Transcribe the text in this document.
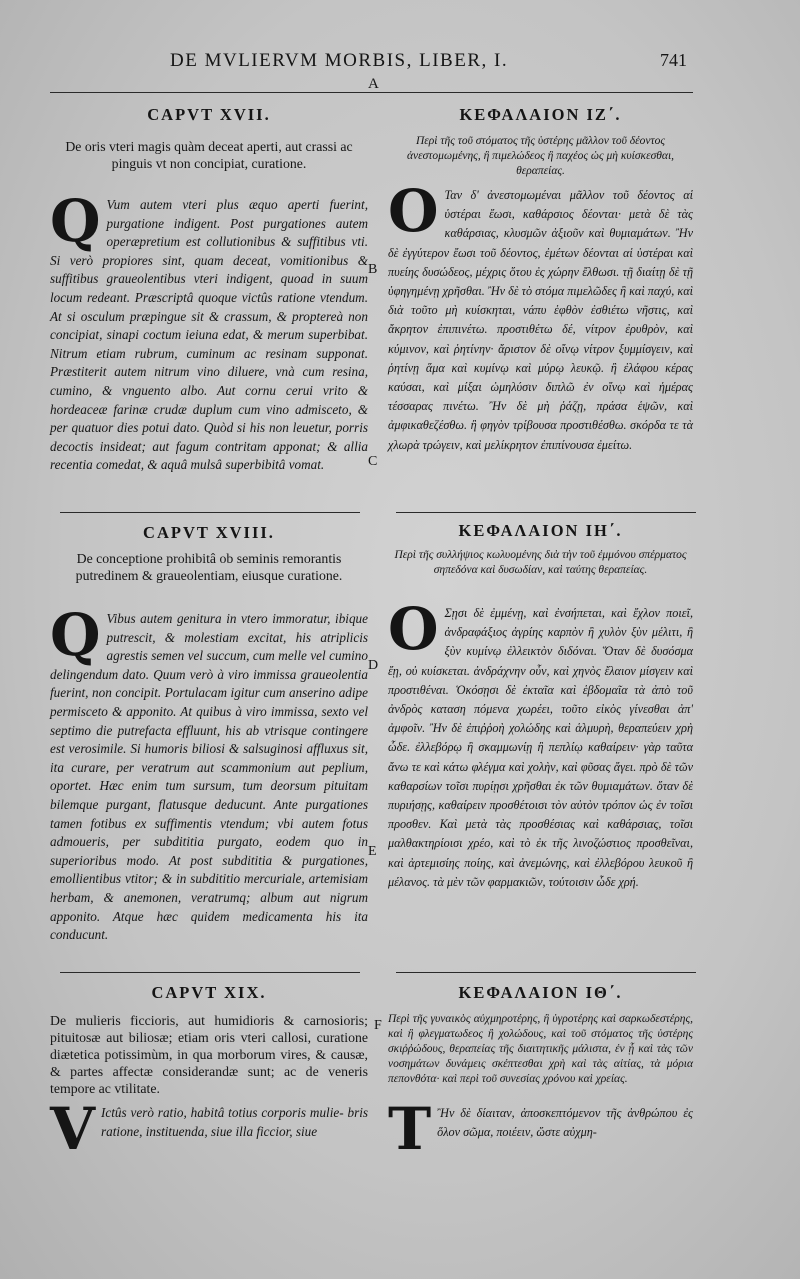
DE MVLIERVM MORBIS, LIBER, I.	741
A
B
C
D
E
F
CAPVT XVII.

De oris vteri magis quàm deceat aperti, aut crassi ac pinguis vt non concipiat, curatione.

Q Vum autem vteri plus æquo aperti fuerint, purgatione indigent. Post purgationes autem operæpretium est collutionibus & suffitibus vti. Si verò propiores sint, quam deceat, vomitionibus & suffitibus graueolentibus vteri indigent, quoad in suum locum redeant. Præscriptâ quoque victûs ratione vtendum. At si osculum præpingue sit & crassum, & proptereà non concipiat, sinapi coctum ieiuna edat, & merum superbibat. Nitrum etiam rubrum, cuminum ac resinam supponat. Præstiterit autem nitrum vino diluere, vnà cum resina, cumino, & vnguento albo. Aut cornu cerui vrito & hordeaceæ farinæ crudæ duplum cum vino admisceto, & per quatuor dies potui dato. Quòd si his non leuetur, porris decoctis insideat; aut fagum contritam apponat; & allia recentia comedat, & aquâ mulsâ superbibitâ vomat.

CAPVT XVIII.

De conceptione prohibitâ ob seminis remorantis putredinem & graueolentiam, eiusque curatione.

Q Vibus autem genitura in vtero immoratur, ibique putrescit, & molestiam excitat, his atriplicis agrestis semen vel succum, cum melle vel cumino delingendum dato. Quum verò à viro immissa graueolentia fuerint, non concipit. Portulacam igitur cum anserino adipe permisceto & apponito. At quibus à viro immissa, sexto vel septimo die putrefacta effluunt, his ab vtrisque contingere est verosimile. Si humoris biliosi & salsuginosi affluxus sit, ita curare, per veratrum aut scammonium aut peplium, oportet. Hæc enim tum sursum, tum deorsum pituitam bilemque purgant, flatusque deducunt. Ante purgationes tamen fotibus ex suffimentis vtendum; vbi autem fotus admoueris, per subdititia purgato, eodem quo in superioribus modo. At post subdititia & purgationes, emollientibus vtitor; & in subdititio mercuriale, artemisiam herbam, & anemonen, veratrumq; album aut nigrum apponito. Atque hæc quidem medicamenta his ita conducunt.

CAPVT XIX.

De mulieris ficcioris, aut humidioris & carnosioris; pituitosæ aut biliosæ; etiam oris vteri callosi, curatione diætetica potissimùm, in qua morborum vires, & causæ, & partes affectæ considerandæ sunt; ac de veneris tempore ac vtilitate.

V Ictûs verò ratio, habitâ totius corporis mulie- bris ratione, instituenda, siue illa ficcior, siue

ΚΕΦΑΛΑΙΟΝ ΙΖ΄.

Περὶ τῆς τοῦ στόματος τῆς ὑστέρης μᾶλλον τοῦ δέοντος ἀνεστομωμένης, ἢ πιμελώδεος ἢ παχέος ὡς μὴ κυίσκεσθαι, θεραπείας.

Ο Ταν δ' ἀνεστομωμέναι μᾶλλον τοῦ δέοντος αἱ ὑστέραι ἔωσι, καθάρσιος δέονται· μετὰ δὲ τὰς καθάρσιας, κλυσμῶν ἀξιοῦν καὶ θυμιαμάτων. Ἢν δὲ ἐγγύτερον ἔωσι τοῦ δέοντος, ἐμέτων δέονται αἱ ὑστέραι καὶ πυείης δυσώδεος, μέχρις ὅτου ἐς χώρην ἔλθωσι. τῇ διαίτῃ δὲ τῇ ὑφηγημένῃ χρῆσθαι. Ἢν δὲ τὸ στόμα πιμελῶδες ἢ καὶ παχύ, καὶ διὰ τοῦτο μὴ κυίσκηται, νάπυ ἑφθὸν ἐσθιέτω νῆστις, καὶ ἄκρητον ἐπιπινέτω. προστιθέτω δέ, νίτρον ἐρυθρὸν, καὶ κύμινον, καὶ ῥητίνην· ἄριστον δὲ οἴνῳ νίτρον ξυμμίσγειν, καὶ ῥητίνῃ ἅμα καὶ κυμίνῳ καὶ μύρῳ λευκῷ. ἢ ἐλάφου κέρας καύσαι, καὶ μίξαι ὠμηλύσιν διπλῶ ἐν οἴνῳ καὶ ἡμέρας τέσσαρας πινέτω. Ἢν δὲ μὴ ῥάζῃ, πράσα ἑψῶν, καὶ ἀμφικαθεζέσθω. ἢ φηγὸν τρίβουσα προστιθέσθω. σκόρδα τε τὰ χλωρὰ τρώγειν, καὶ μελίκρητον ἐπιπίνουσα ἐμείτω.

ΚΕΦΑΛΑΙΟΝ ΙΗ΄.

Περὶ τῆς συλλήψιος κωλυομένης διὰ τὴν τοῦ ἐμμόνου σπέρματος σηπεδόνα καὶ δυσωδίαν, καὶ ταύτης θεραπείας.

Ο Σῃσι δὲ ἐμμένῃ, καὶ ἐνσήπεται, καὶ ἔχλον ποιεῖ, ἀνδραφάξιος ἀγρίης καρπὸν ἢ χυλὸν ξὺν μέλιτι, ἢ ξὺν κυμίνῳ ἐλλεικτὸν διδόναι. Ὅταν δὲ δυσόσμα ἔῃ, οὐ κυίσκεται. ἀνδράχνην οὖν, καὶ χηνὸς ἔλαιον μίσγειν καὶ προστιθέναι. Ὁκόσῃσι δὲ ἐκταῖα καὶ ἑβδομαῖα τὰ ἀπὸ τοῦ ἀνδρὸς καταση πόμενα χωρέει, τοῦτο εἰκὸς γίνεσθαι ἀπ' ἀμφοῖν. Ἢν δὲ ἐπιῤῥοὴ χολώδης καὶ ἁλμυρὴ, θεραπεύειν χρὴ ὧδε. ἐλλεβόρῳ ἢ σκαμμωνίῃ ἢ πεπλίῳ καθαίρειν· γὰρ ταῦτα ἄνω τε καὶ κάτω φλέγμα καὶ χολὴν, καὶ φῦσας ἄγει. πρὸ δὲ τῶν καθαρσίων τοῖσι πυρίῃσι χρῆσθαι ἐκ τῶν θυμιαμάτων. ὅταν δὲ πυριήσῃς, καθαίρειν προσθέτοισι τὸν αὐτὸν τρόπον ὡς ἐν τοῖσι προσθεν. Καὶ μετὰ τὰς προσθέσιας καὶ καθάρσιας, τοῖσι μαλθακτηρίοισι χρέο, καὶ τὸ ἐκ τῆς λινοζώστιος προσθεῖναι, καὶ ἀρτεμισίης ποίης, καὶ ἀνεμώνης, καὶ ἐλλεβόρου λευκοῦ ἢ μέλανος. τὰ μὲν τῶν φαρμακιῶν, τούτοισιν ὧδε χρή.

ΚΕΦΑΛΑΙΟΝ ΙΘ΄.

Περὶ τῆς γυναικὸς αὐχμηροτέρης, ἢ ὑγροτέρης καὶ σαρκωδεστέρης, καὶ ἢ φλεγματωδεος ἢ χολώδους, καὶ τοῦ στόματος τῆς ὑστέρης σκιῤῥώδους, θεραπείας τῆς διαιτητικῆς μάλιστα, ἐν ᾗ καὶ τὰς τῶν νοσημάτων δυνάμεις σκέπτεσθαι χρὴ καὶ τὰς αἰτίας, τὰ μόρια πεπονθότα· καὶ περὶ τοῦ συνεσίας χρόνου καὶ χρείας.

Τ Ἢν δὲ δίαιταν, ἀποσκεπτόμενον τῆς ἀνθρώπου ἐς ὅλον σῶμα, ποιέειν, ὥστε αὐχμη-
